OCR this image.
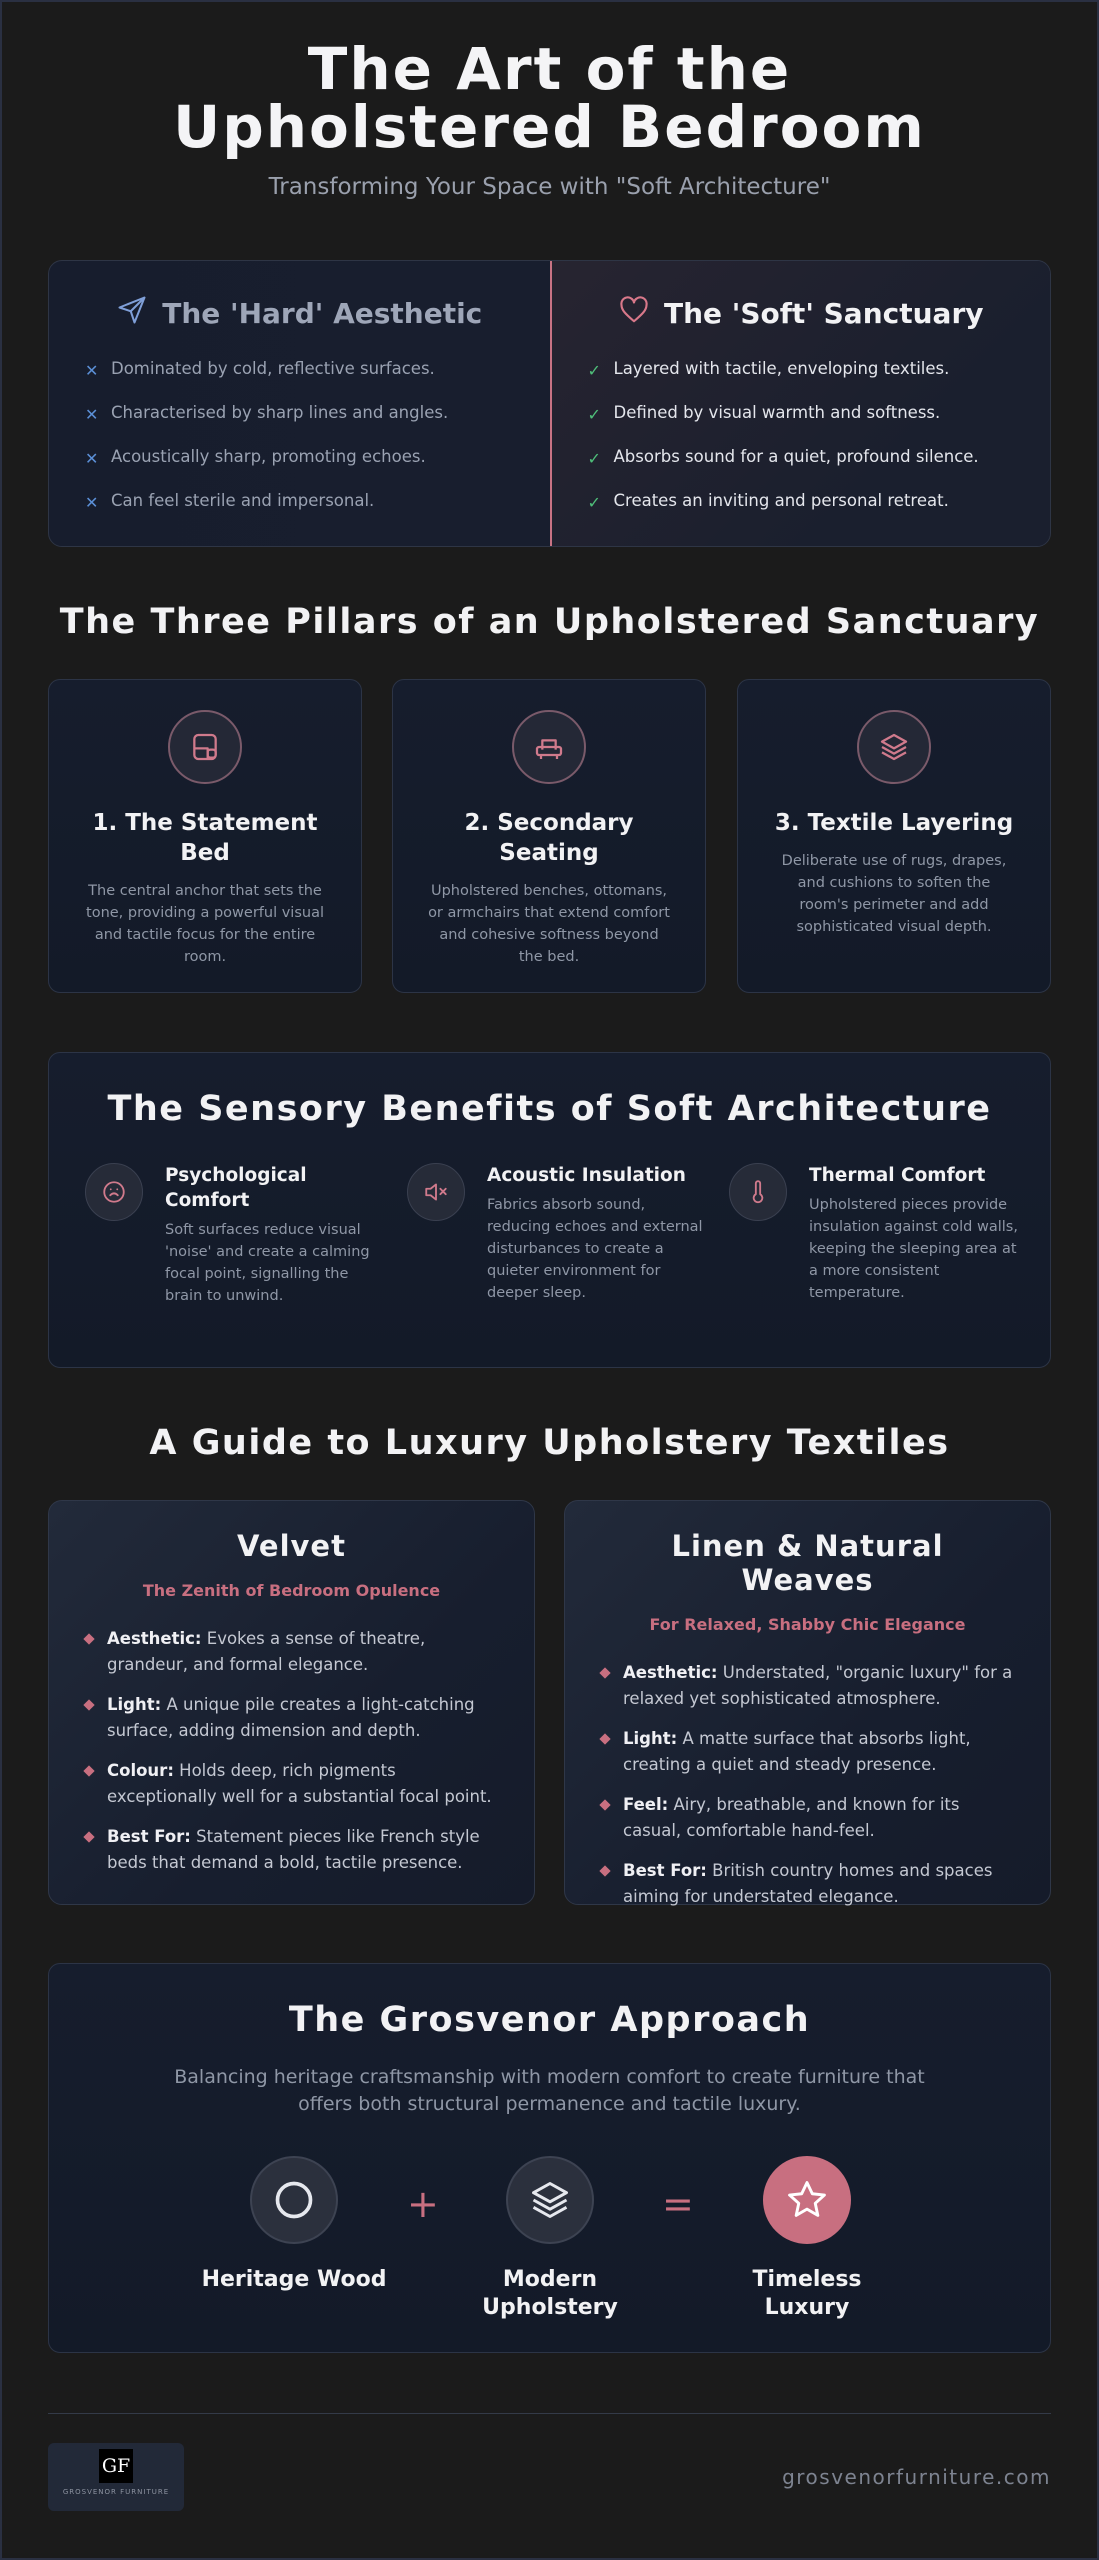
The Art of the Upholstered Bedroom

Transforming Your Space with "Soft Architecture"

The 'Hard' Aesthetic
✕ Dominated by cold, reflective surfaces.
✕ Characterised by sharp lines and angles.
✕ Acoustically sharp, promoting echoes.
✕ Can feel sterile and impersonal.
The 'Soft' Sanctuary
✓ Layered with tactile, enveloping textiles.
✓ Defined by visual warmth and softness.
✓ Absorbs sound for a quiet, profound silence.
✓ Creates an inviting and personal retreat.
The Three Pillars of an Upholstered Sanctuary
1. The Statement Bed

The central anchor that sets the tone, providing a powerful visual and tactile focus for the entire room.

2. Secondary Seating

Upholstered benches, ottomans, or armchairs that extend comfort and cohesive softness beyond the bed.

3. Textile Layering

Deliberate use of rugs, drapes, and cushions to soften the room's perimeter and add sophisticated visual depth.

The Sensory Benefits of Soft Architecture
Psychological Comfort

Soft surfaces reduce visual 'noise' and create a calming focal point, signalling the brain to unwind.

Acoustic Insulation

Fabrics absorb sound, reducing echoes and external disturbances to create a quieter environment for deeper sleep.

Thermal Comfort

Upholstered pieces provide insulation against cold walls, keeping the sleeping area at a more consistent temperature.

A Guide to Luxury Upholstery Textiles
Velvet
The Zenith of Bedroom Opulence
Aesthetic: Evokes a sense of theatre, grandeur, and formal elegance.
Light: A unique pile creates a light-catching surface, adding dimension and depth.
Colour: Holds deep, rich pigments exceptionally well for a substantial focal point.
Best For: Statement pieces like French style beds that demand a bold, tactile presence.
Linen & Natural Weaves
For Relaxed, Shabby Chic Elegance
Aesthetic: Understated, "organic luxury" for a relaxed yet sophisticated atmosphere.
Light: A matte surface that absorbs light, creating a quiet and steady presence.
Feel: Airy, breathable, and known for its casual, comfortable hand-feel.
Best For: British country homes and spaces aiming for understated elegance.
The Grosvenor Approach

Balancing heritage craftsmanship with modern comfort to create furniture that offers both structural permanence and tactile luxury.

Heritage Wood
+
Modern Upholstery
=
Timeless Luxury
GF
GROSVENOR FURNITURE
grosvenorfurniture.com
